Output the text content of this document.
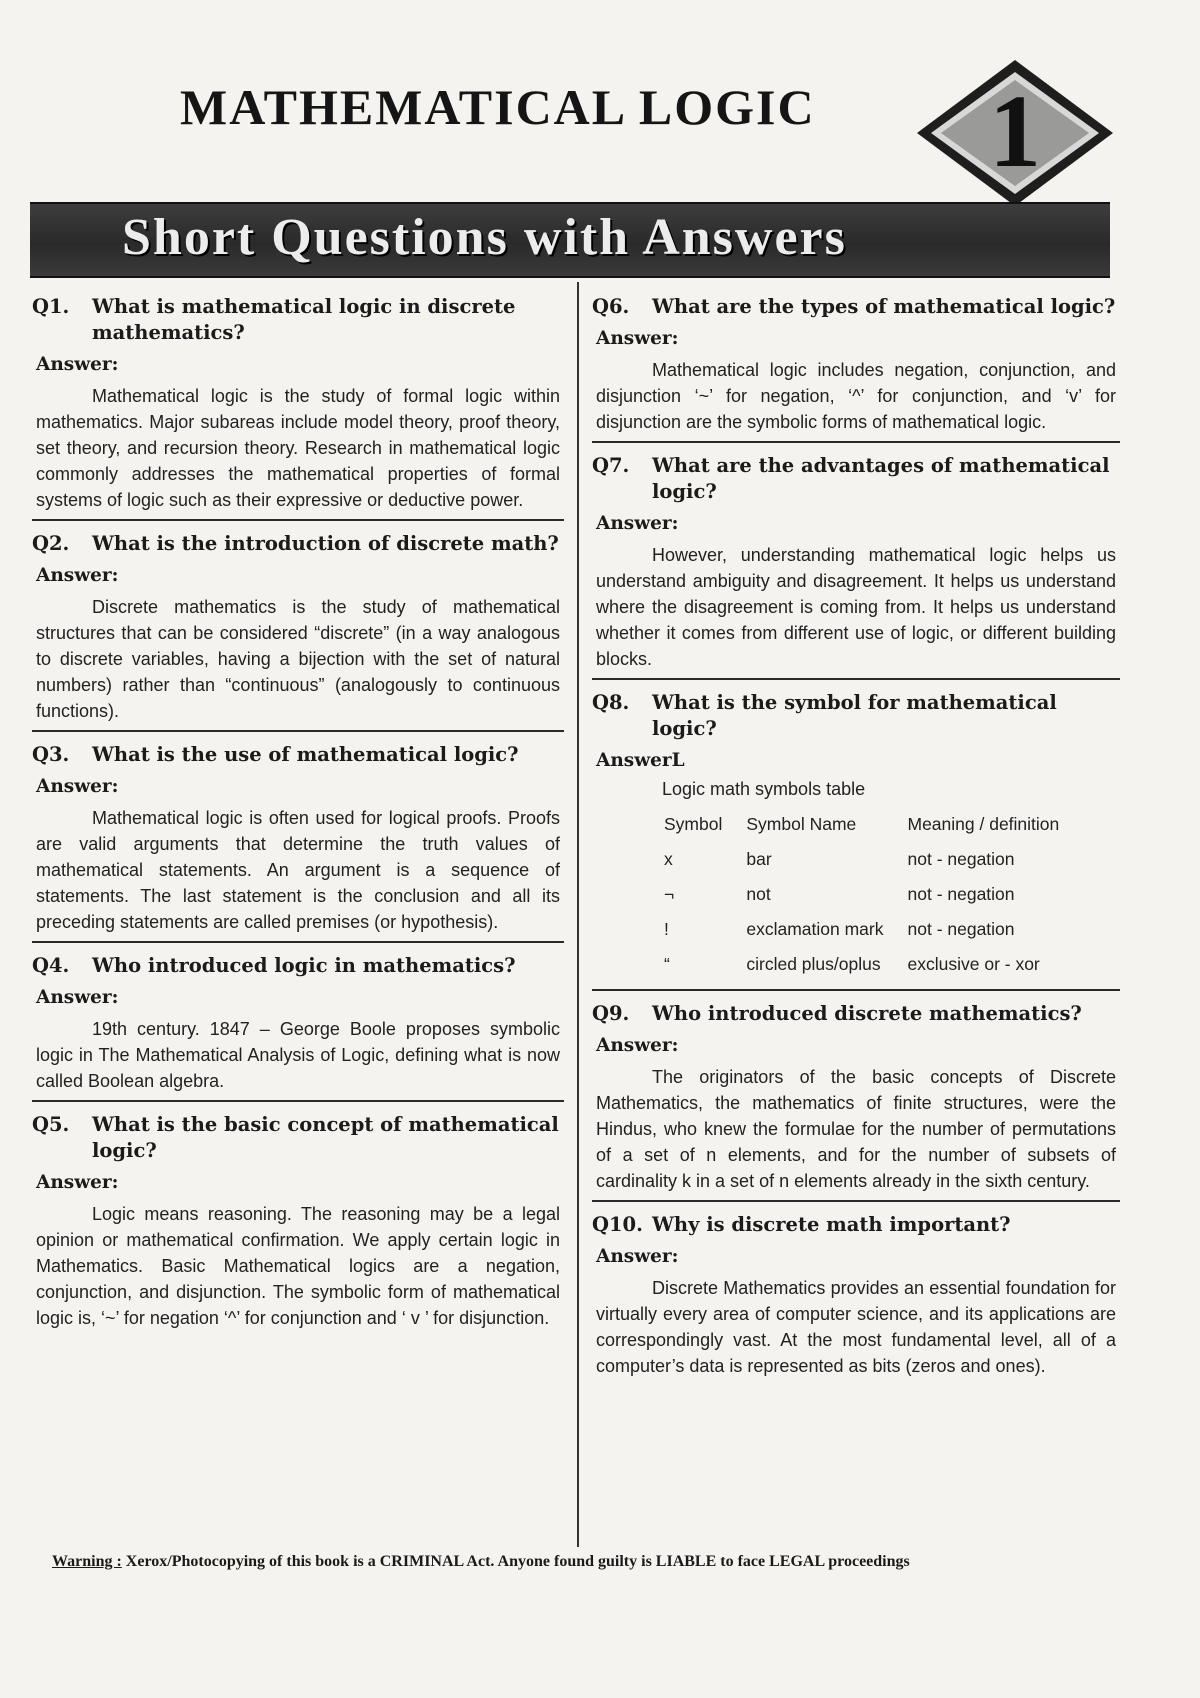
MATHEMATICAL LOGIC	1
Short Questions with Answers
Q1.	What is mathematical logic in discrete mathematics?
Answer:

Mathematical logic is the study of formal logic within mathematics. Major subareas include model theory, proof theory, set theory, and recursion theory. Research in mathematical logic commonly addresses the mathematical properties of formal systems of logic such as their expressive or deductive power.

Q2.	What is the introduction of discrete math?
Answer:

Discrete mathematics is the study of mathematical structures that can be considered “discrete” (in a way analogous to discrete variables, having a bijection with the set of natural numbers) rather than “continuous” (analogously to continuous functions).

Q3.	What is the use of mathematical logic?
Answer:

Mathematical logic is often used for logical proofs. Proofs are valid arguments that determine the truth values of mathematical statements. An argument is a sequence of statements. The last statement is the conclusion and all its preceding statements are called premises (or hypothesis).

Q4.	Who introduced logic in mathematics?
Answer:

19th century. 1847 – George Boole proposes symbolic logic in The Mathematical Analysis of Logic, defining what is now called Boolean algebra.

Q5.	What is the basic concept of mathematical logic?
Answer:

Logic means reasoning. The reasoning may be a legal opinion or mathematical confirmation. We apply certain logic in Mathematics. Basic Mathematical logics are a negation, conjunction, and disjunction. The symbolic form of mathematical logic is, ‘~’ for negation ‘^’ for conjunction and ‘ v ’ for disjunction.

Q6.	What are the types of mathematical logic?
Answer:

Mathematical logic includes negation, conjunction, and disjunction ‘~’ for negation, ‘^’ for conjunction, and ‘v’ for disjunction are the symbolic forms of mathematical logic.

Q7.	What are the advantages of mathematical logic?
Answer:

However, understanding mathematical logic helps us understand ambiguity and disagreement. It helps us understand where the disagreement is coming from. It helps us understand whether it comes from different use of logic, or different building blocks.

Q8.	What is the symbol for mathematical logic?
AnswerL
Logic math symbols table
Symbol	Symbol Name	Meaning / definition
x	bar	not - negation
¬	not	not - negation
!	exclamation mark	not - negation
“	circled plus/oplus	exclusive or - xor
Q9.	Who introduced discrete mathematics?
Answer:

The originators of the basic concepts of Discrete Mathematics, the mathematics of finite structures, were the Hindus, who knew the formulae for the number of permutations of a set of n elements, and for the number of subsets of cardinality k in a set of n elements already in the sixth century.

Q10. Why is discrete math important?
Answer:

Discrete Mathematics provides an essential foundation for virtually every area of computer science, and its applications are correspondingly vast. At the most fundamental level, all of a computer’s data is represented as bits (zeros and ones).

Warning : Xerox/Photocopying of this book is a CRIMINAL Act. Anyone found guilty is LIABLE to face LEGAL proceedings
